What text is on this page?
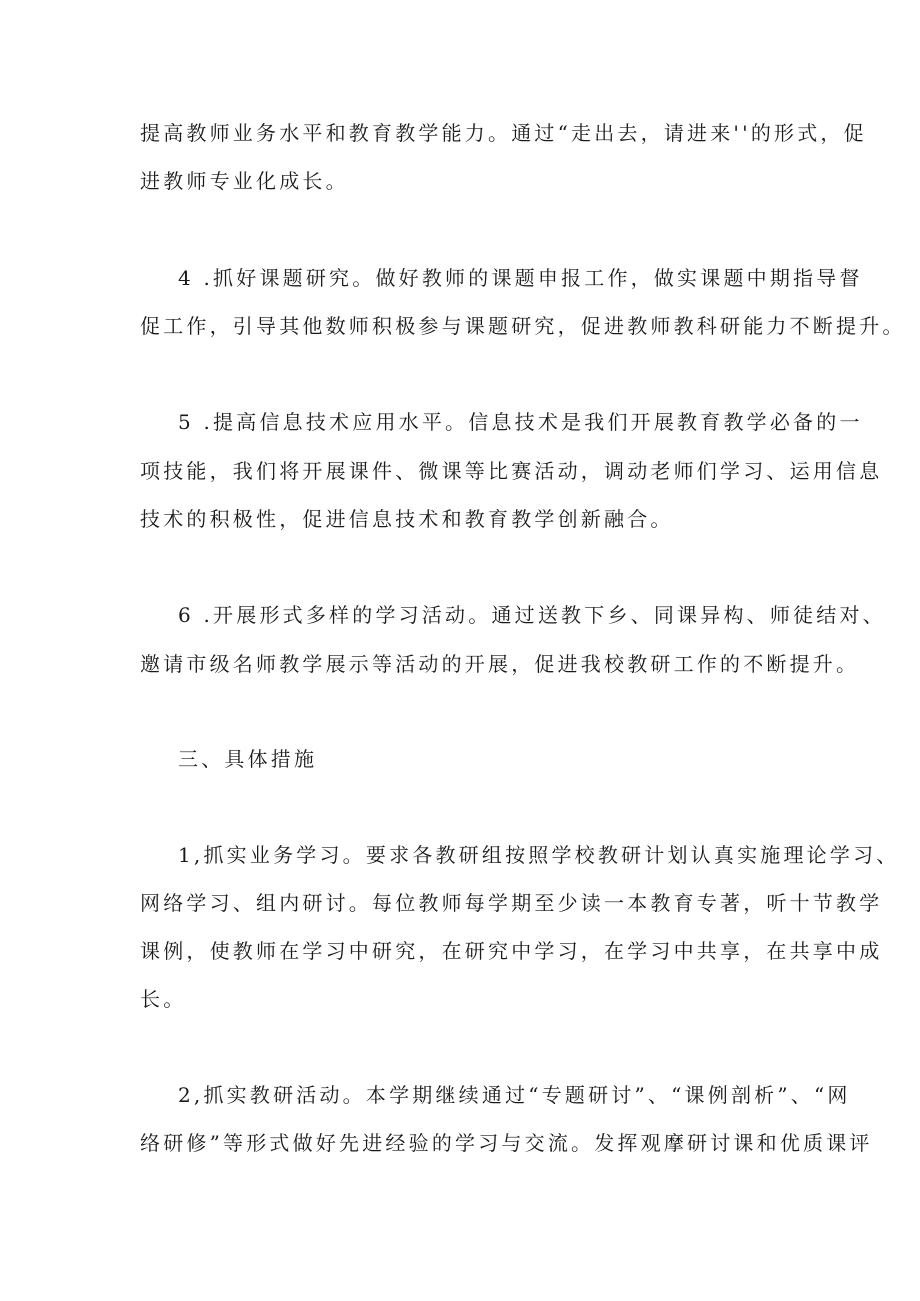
提高教师业务水平和教育教学能力。通过“走出去，请进来''的形式，促
进教师专业化成长。
4 .抓好课题研究。做好教师的课题申报工作，做实课题中期指导督
促工作，引导其他数师积极参与课题研究，促进教师教科研能力不断提升。
5 .提高信息技术应用水平。信息技术是我们开展教育教学必备的一
项技能，我们将开展课件、微课等比赛活动，调动老师们学习、运用信息
技术的积极性，促进信息技术和教育教学创新融合。
6 .开展形式多样的学习活动。通过送教下乡、同课异构、师徒结对、
邀请市级名师教学展示等活动的开展，促进我校教研工作的不断提升。
三、具体措施
1,抓实业务学习。要求各教研组按照学校教研计划认真实施理论学习、
网络学习、组内研讨。每位教师每学期至少读一本教育专著，听十节教学
课例，使教师在学习中研究，在研究中学习，在学习中共享，在共享中成
长。
2,抓实教研活动。本学期继续通过“专题研讨”、“课例剖析”、“网
络研修”等形式做好先进经验的学习与交流。发挥观摩研讨课和优质课评
